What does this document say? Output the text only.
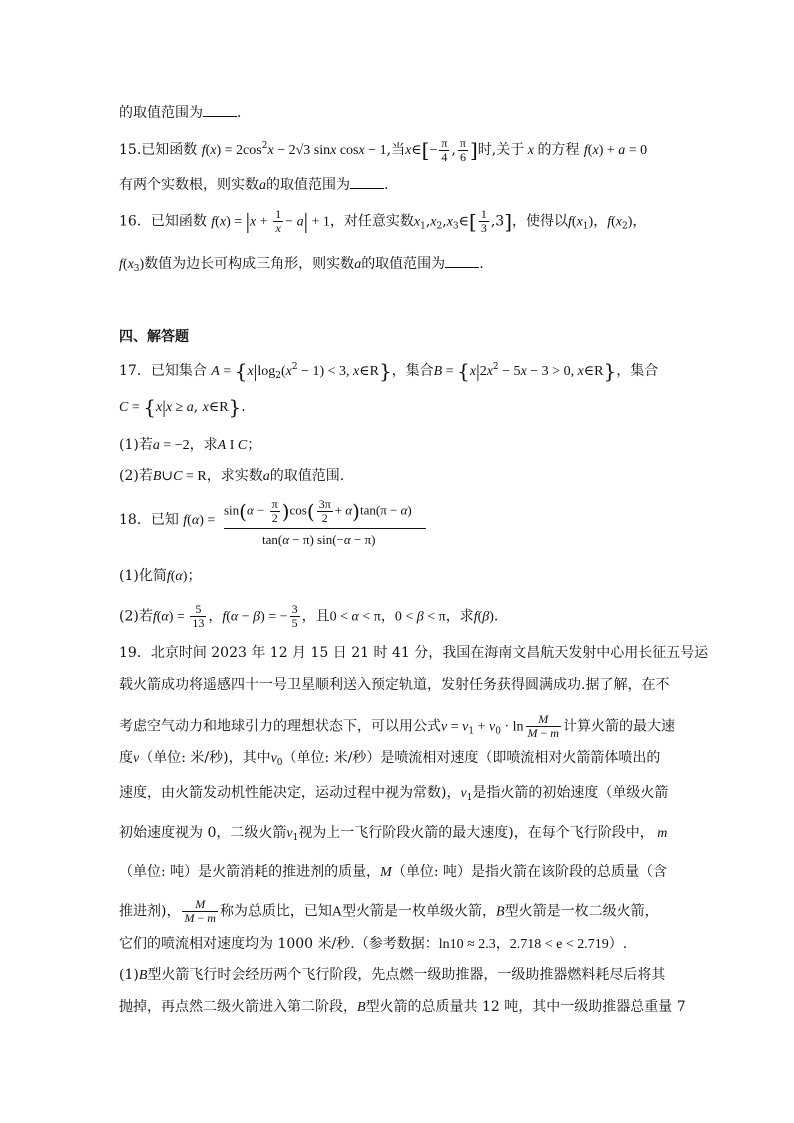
的取值范围为 .
15.已知函数 $f(x) = 2\cos^2x - 2√3$ sinx cosx − 1,当x∈[− $\frac{\pi}{4}$ , $\frac{\pi}{6}$ ]时,关于 x 的方程 f(x) + a = 0
有两个实数根，则实数a的取值范围为 .
16．已知函数 $f(x) = |x + \frac{1}{x} - a| + 1$，对任意实数$x_1,x_2,x_3\in[ \frac{1}{3} ,3]$，使得以$f(x_1)$，$f(x_2)$，
$f(x_3)$数值为边长可构成三角形，则实数a的取值范围为 .
四、解答题
17．已知集合 $A = \{x|\log_2(x^2 - 1) < 3$, x∈R}，集合$B = \{x|2x^2 - 5x - 3 > 0$, x∈R}，集合
C = {x|x ≥ a, x∈R}.
(1)若a = −2，求A I C；
(2)若B∪C = R，求实数a的取值范围.
18．已知 f(α) =
$\sin(\alpha - \frac{\pi}{2} )\cos( \frac{3\pi}{2} + \alpha)\tan(\pi - \alpha)$
tan(α − π) sin(−α − π)
(1)化简f(α)；
(2)若$f(\alpha) = \frac{5}{13}$ ，f(α − β) = − $\frac{3}{5}$ ，且0 < α < π，0 < β < π，求f(β).
19．北京时间 2023 年 12 月 15 日 21 时 41 分，我国在海南文昌航天发射中心用长征五号运
载火箭成功将遥感四十一号卫星顺利送入预定轨道，发射任务获得圆满成功.据了解，在不
考虑空气动力和地球引力的理想状态下，可以用公式$v = v_1 + v_0 \cdot \ln \frac{M}{M - m}$ 计算火箭的最大速
度v（单位: 米/秒)，其中$v_0$（单位: 米/秒）是喷流相对速度（即喷流相对火箭箭体喷出的
速度，由火箭发动机性能决定，运动过程中视为常数)，$v_1$是指火箭的初始速度（单级火箭
初始速度视为 0，二级火箭$v_1$视为上一飞行阶段火箭的最大速度)，在每个飞行阶段中， m
（单位: 吨）是火箭消耗的推进剂的质量，M（单位: 吨）是指火箭在该阶段的总质量（含
推进剂)， $\frac{M}{M - m}$ 称为总质比，已知A型火箭是一枚单级火箭，B型火箭是一枚二级火箭，
它们的喷流相对速度均为 1000 米/秒.（参考数据：ln10 ≈ 2.3，2.718 < e < 2.719）.
(1)B型火箭飞行时会经历两个飞行阶段，先点燃一级助推器，一级助推器燃料耗尽后将其
抛掉，再点然二级火箭进入第二阶段，B型火箭的总质量共 12 吨，其中一级助推器总重量 7
